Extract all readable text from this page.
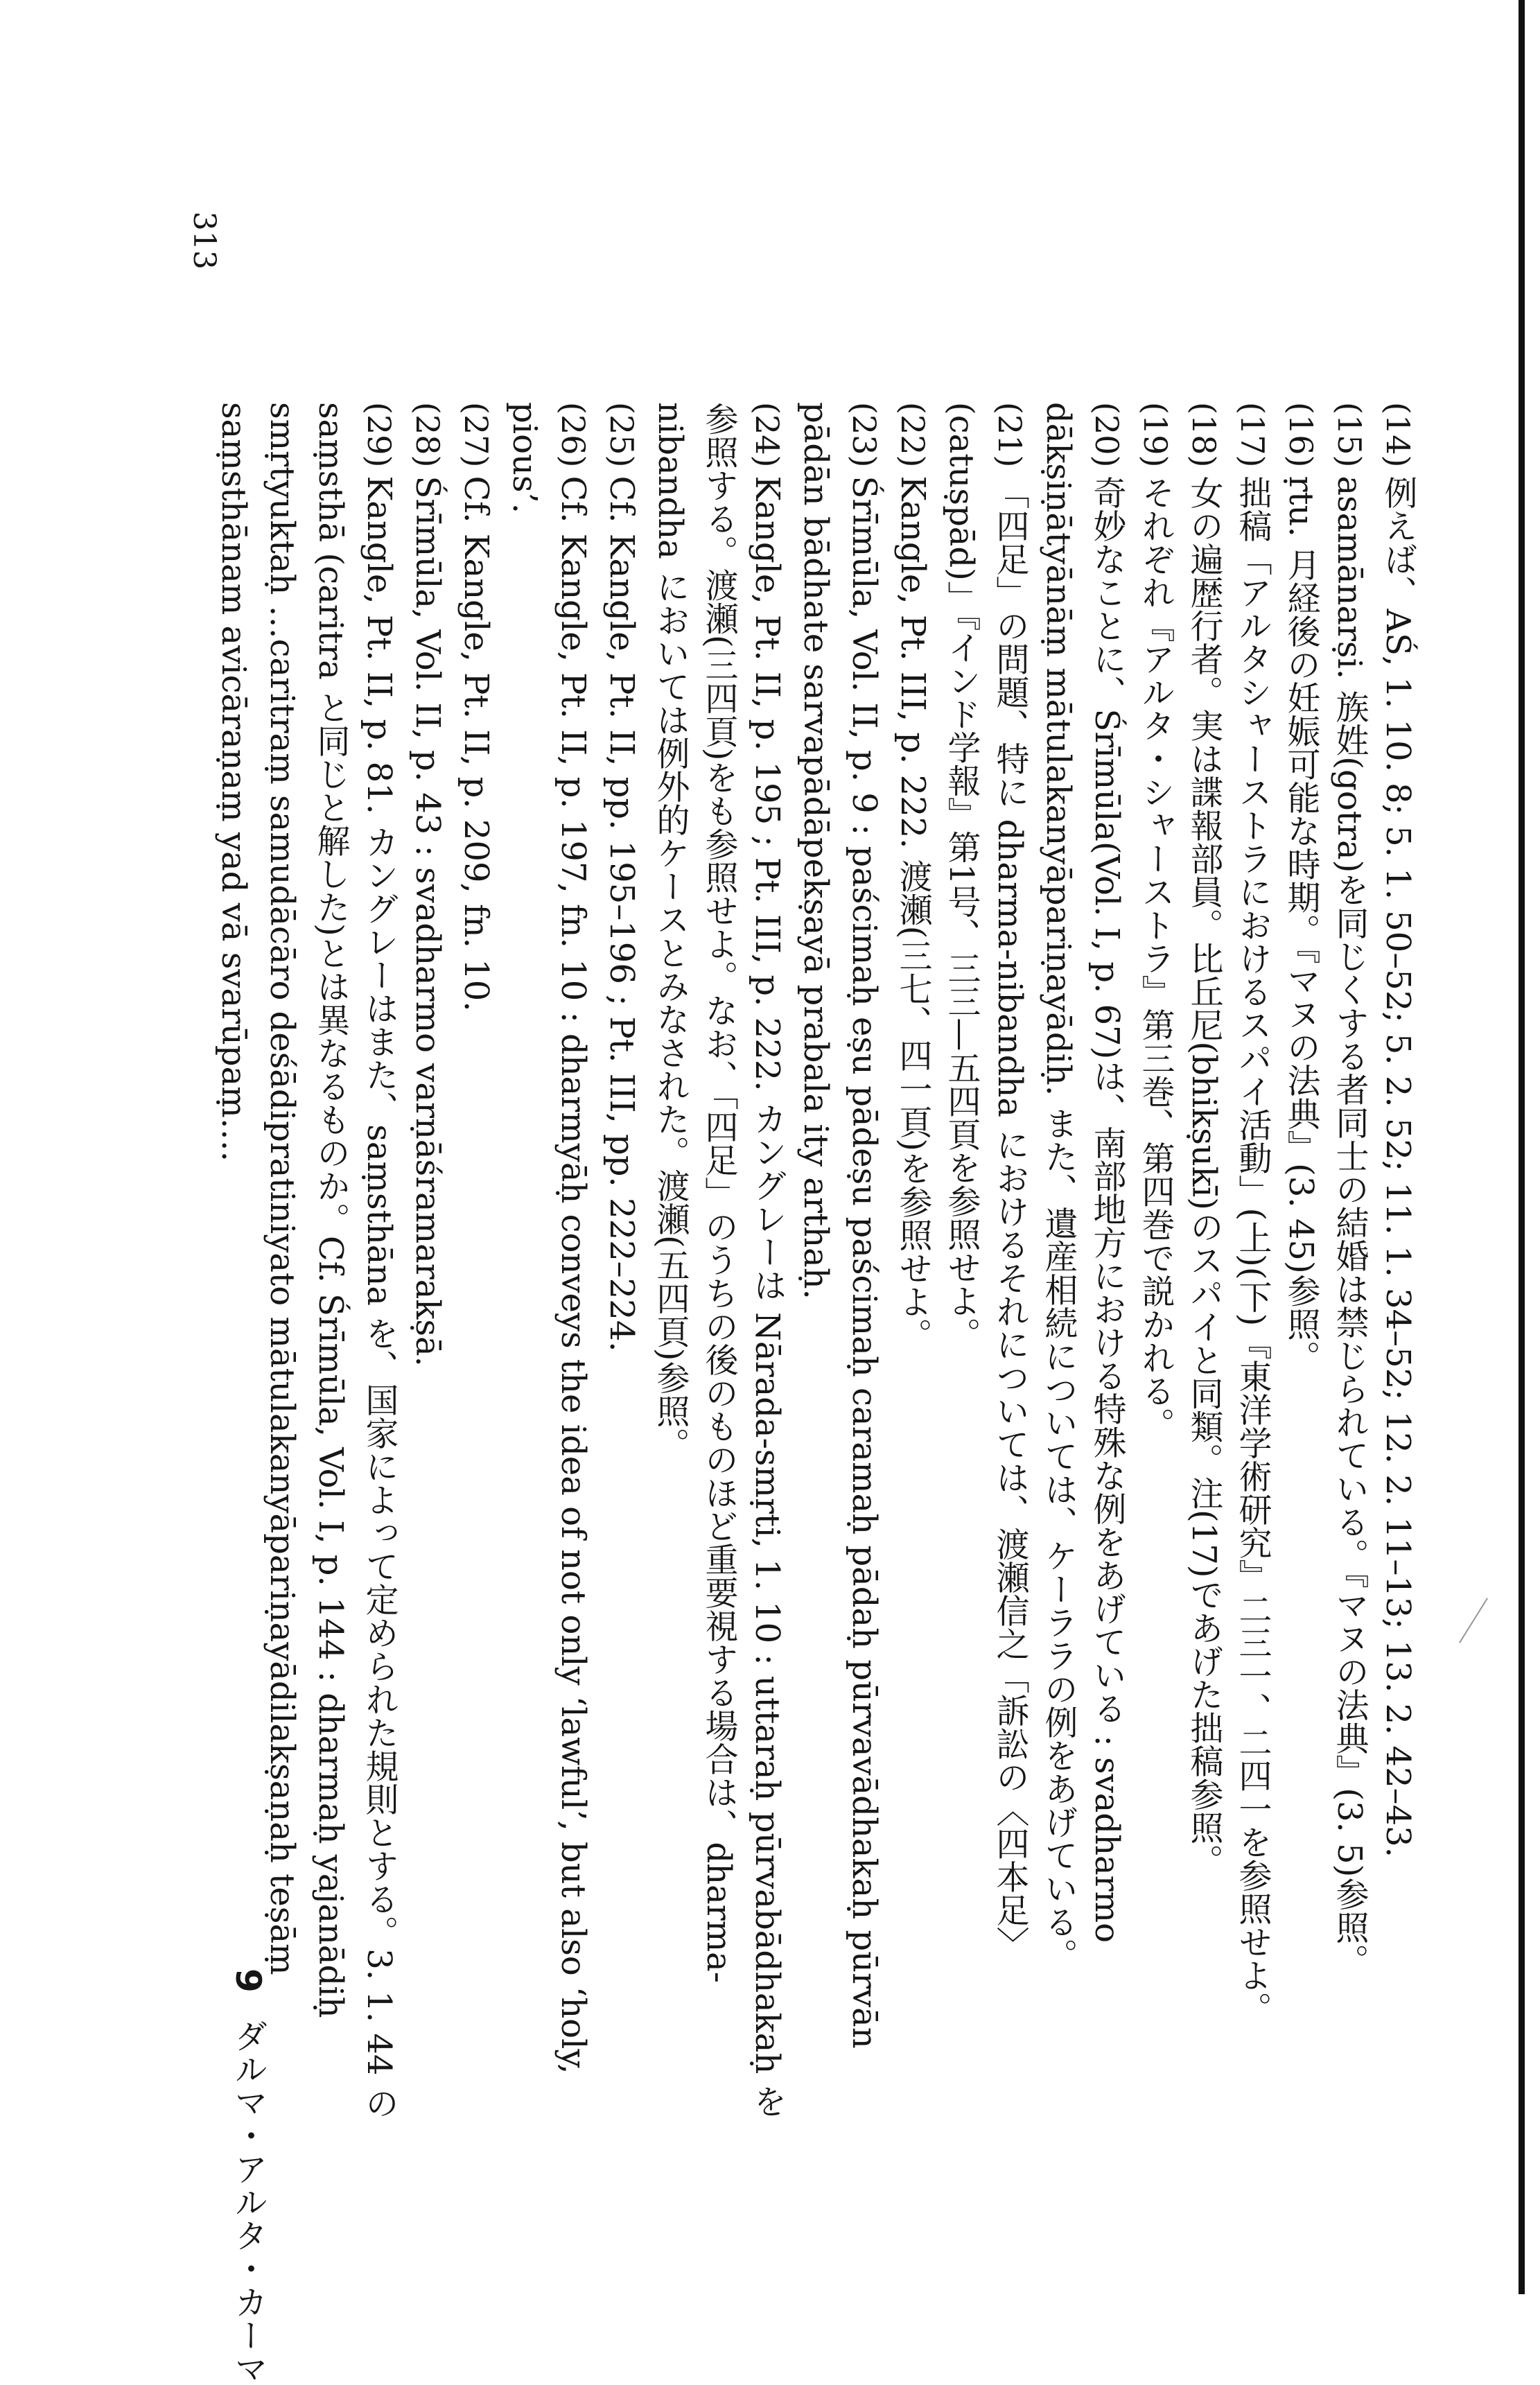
313

(14)例えば、AŚ, 1. 10. 8; 5. 1. 50–52; 5. 2. 52; 11. 1. 34–52; 12. 2. 11–13; 13. 2. 42–43.

(15)asamānarṣi. 族姓(gotra)を同じくする者同士の結婚は禁じられている。『マヌの法典』(3. 5)参照。

(16)ṛtu. 月経後の妊娠可能な時期。『マヌの法典』(3. 45)参照。

(17)拙稿「アルタシャーストラにおけるスパイ活動」(上)(下)『東洋学術研究』二三一、二四一を参照せよ。

(18)女の遍歴行者。実は諜報部員。比丘尼(bhikṣukī)のスパイと同類。注(17)であげた拙稿参照。

(19)それぞれ『アルタ・シャーストラ』第三巻、第四巻で説かれる。

(20)奇妙なことに、Śrīmūla(Vol. I, p. 67)は、南部地方における特殊な例をあげている : svadharmo dākṣiṇātyānāṃ mātulakanyāpariṇayādiḥ. また、遺産相続については、ケーララの例をあげている。

(21)「四足」の問題、特に dharma-nibandha におけるそれについては、渡瀬信之「訴訟の〈四本足〉(catuṣpād)」『インド学報』第1号、三三—五四頁を参照せよ。

(22)Kangle, Pt. III, p. 222. 渡瀬(三七、四一頁)を参照せよ。

(23)Śrīmūla, Vol. II, p. 9 : paścimaḥ eṣu pādeṣu paścimaḥ caramaḥ pādaḥ pūrvavādhakaḥ pūrvān pādān bādhate sarvapādāpekṣayā prabala ity arthaḥ.

(24)Kangle, Pt. II, p. 195 ; Pt. III, p. 222. カングレーは Nārada-smṛti, 1. 10 : uttaraḥ pūrvabādhakaḥ を参照する。渡瀬(三四頁)をも参照せよ。なお、「四足」のうちの後のものほど重要視する場合は、dharma-nibandha においては例外的ケースとみなされた。渡瀬(五四頁)参照。

(25)Cf. Kangle, Pt. II, pp. 195–196 ; Pt. III, pp. 222–224.

(26)Cf. Kangle, Pt. II, p. 197, fn. 10 : dharmyāḥ conveys the idea of not only ‘lawful’, but also ‘holy, pious’.

(27)Cf. Kangle, Pt. II, p. 209, fn. 10.

(28)Śrīmūla, Vol. II, p. 43 : svadharmo varṇāśramarakṣā.

(29)Kangle, Pt. II, p. 81. カングレーはまた、saṃsthāna を、国家によって定められた規則とする。3. 1. 44 の saṃsthā (caritra と同じと解した)とは異なるものか。Cf. Śrīmūla, Vol. I, p. 144 : dharmaḥ yajanādiḥ smṛtyuktaḥ …caritraṃ samudācāro deśādipratiniyato mātulakanyāpariṇayādilakṣaṇaḥ teṣāṃ saṃsthānam avicāraṇaṃ yad vā svarūpaṃ….

9ダルマ・アルタ・カーマ
